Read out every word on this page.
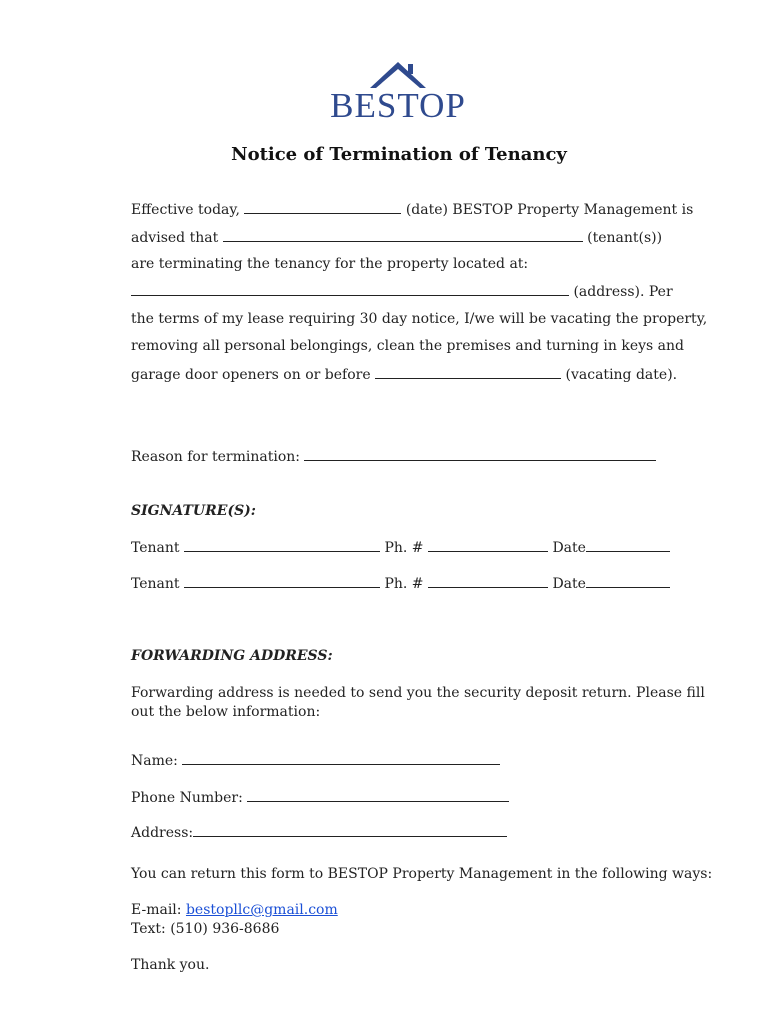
BESTOP
Notice of Termination of Tenancy
Effective today,	(date) BESTOP Property Management is
advised that	(tenant(s))
are terminating the tenancy for the property located at:
(address). Per
the terms of my lease requiring 30 day notice, I/we will be vacating the property,
removing all personal belongings, clean the premises and turning in keys and
garage door openers on or before	(vacating date).
Reason for termination:
SIGNATURE(S):
Tenant	Ph. #	Date
Tenant	Ph. #	Date
FORWARDING ADDRESS:
Forwarding address is needed to send you the security deposit return. Please fill
out the below information:
Name:
Phone Number:
Address:
You can return this form to BESTOP Property Management in the following ways:
E-mail: bestopllc@gmail.com
Text: (510) 936-8686
Thank you.
